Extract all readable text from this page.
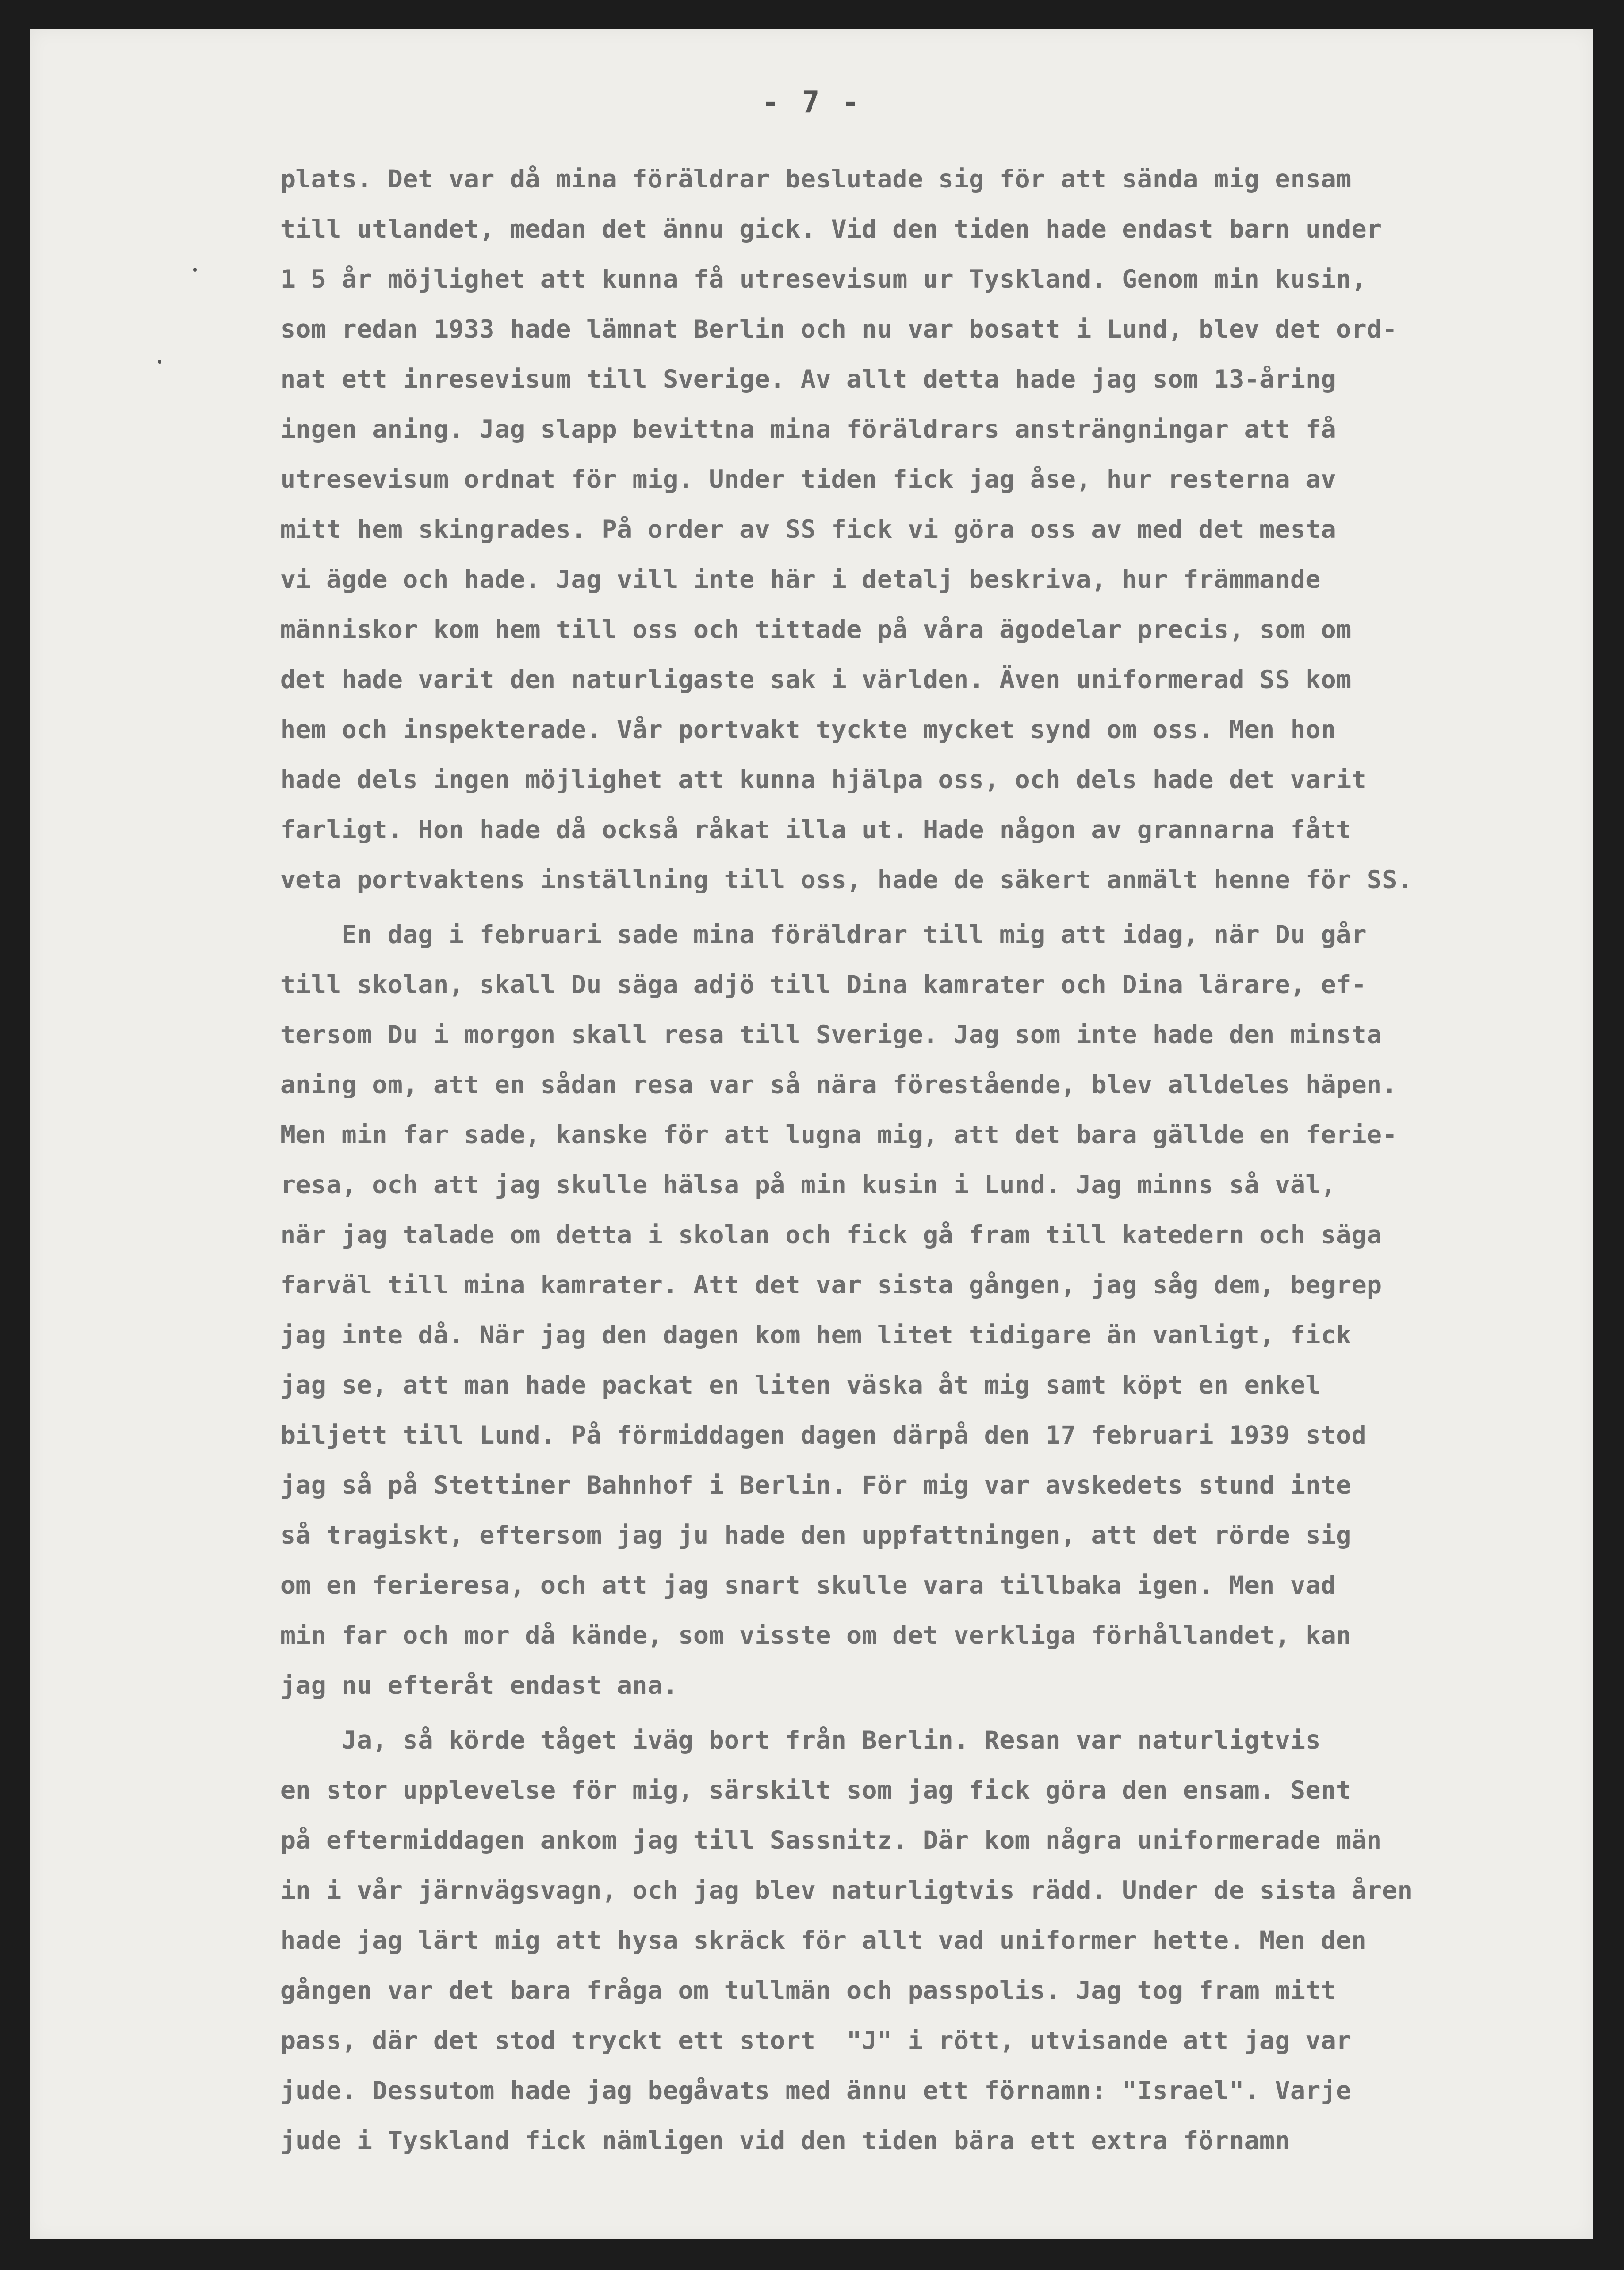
- 7 -
plats. Det var då mina föräldrar beslutade sig för att sända mig ensam
till utlandet, medan det ännu gick. Vid den tiden hade endast barn under
1 5 år möjlighet att kunna få utresevisum ur Tyskland. Genom min kusin,
som redan 1933 hade lämnat Berlin och nu var bosatt i Lund, blev det ord-
nat ett inresevisum till Sverige. Av allt detta hade jag som 13-åring
ingen aning. Jag slapp bevittna mina föräldrars ansträngningar att få
utresevisum ordnat för mig. Under tiden fick jag åse, hur resterna av
mitt hem skingrades. På order av SS fick vi göra oss av med det mesta
vi ägde och hade. Jag vill inte här i detalj beskriva, hur främmande
människor kom hem till oss och tittade på våra ägodelar precis, som om
det hade varit den naturligaste sak i världen. Även uniformerad SS kom
hem och inspekterade. Vår portvakt tyckte mycket synd om oss. Men hon
hade dels ingen möjlighet att kunna hjälpa oss, och dels hade det varit
farligt. Hon hade då också råkat illa ut. Hade någon av grannarna fått
veta portvaktens inställning till oss, hade de säkert anmält henne för SS.
En dag i februari sade mina föräldrar till mig att idag, när Du går
till skolan, skall Du säga adjö till Dina kamrater och Dina lärare, ef-
tersom Du i morgon skall resa till Sverige. Jag som inte hade den minsta
aning om, att en sådan resa var så nära förestående, blev alldeles häpen.
Men min far sade, kanske för att lugna mig, att det bara gällde en ferie-
resa, och att jag skulle hälsa på min kusin i Lund. Jag minns så väl,
när jag talade om detta i skolan och fick gå fram till katedern och säga
farväl till mina kamrater. Att det var sista gången, jag såg dem, begrep
jag inte då. När jag den dagen kom hem litet tidigare än vanligt, fick
jag se, att man hade packat en liten väska åt mig samt köpt en enkel
biljett till Lund. På förmiddagen dagen därpå den 17 februari 1939 stod
jag så på Stettiner Bahnhof i Berlin. För mig var avskedets stund inte
så tragiskt, eftersom jag ju hade den uppfattningen, att det rörde sig
om en ferieresa, och att jag snart skulle vara tillbaka igen. Men vad
min far och mor då kände, som visste om det verkliga förhållandet, kan
jag nu efteråt endast ana.
Ja, så körde tåget iväg bort från Berlin. Resan var naturligtvis
en stor upplevelse för mig, särskilt som jag fick göra den ensam. Sent
på eftermiddagen ankom jag till Sassnitz. Där kom några uniformerade män
in i vår järnvägsvagn, och jag blev naturligtvis rädd. Under de sista åren
hade jag lärt mig att hysa skräck för allt vad uniformer hette. Men den
gången var det bara fråga om tullmän och passpolis. Jag tog fram mitt
pass, där det stod tryckt ett stort  "J" i rött, utvisande att jag var
jude. Dessutom hade jag begåvats med ännu ett förnamn: "Israel". Varje
jude i Tyskland fick nämligen vid den tiden bära ett extra förnamn
